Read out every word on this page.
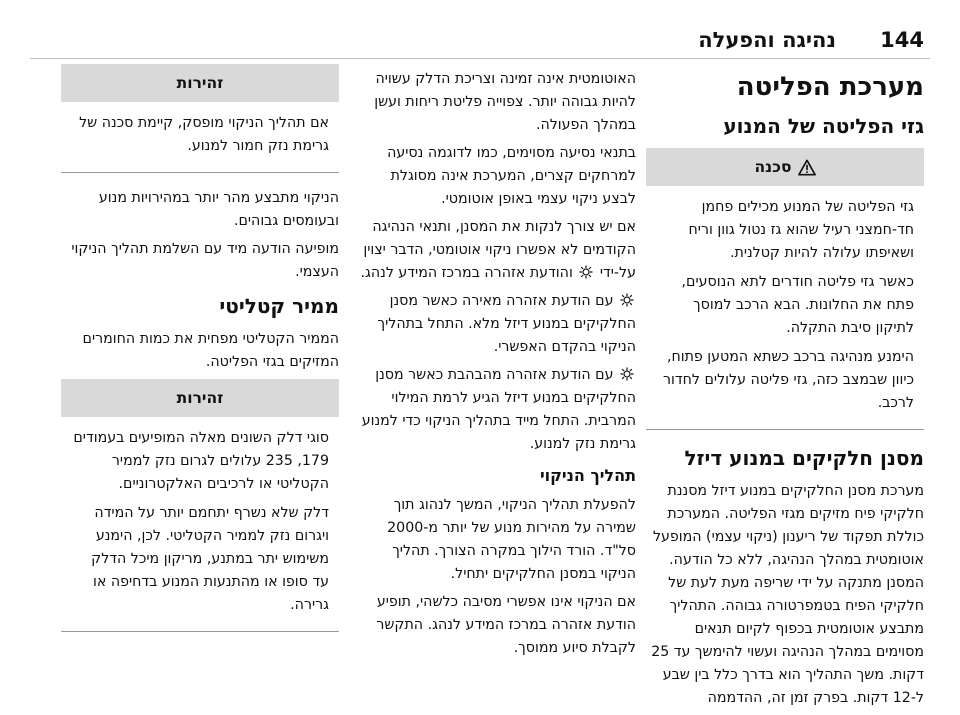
144
נהיגה והפעלה
מערכת הפליטה
גזי הפליטה של המנוע
סכנה

גזי הפליטה של המנוע מכילים פחמן חד-חמצני רעיל שהוא גז נטול גוון וריח ושאיפתו עלולה להיות קטלנית.

כאשר גזי פליטה חודרים לתא הנוסעים, פתח את החלונות. הבא הרכב למוסך לתיקון סיבת התקלה.

הימנע מנהיגה ברכב כשתא המטען פתוח, כיוון שבמצב כזה, גזי פליטה עלולים לחדור לרכב.

מסנן חלקיקים במנוע דיזל

מערכת מסנן החלקיקים במנוע דיזל מסננת חלקיקי פיח מזיקים מגזי הפליטה. המערכת כוללת תפקוד של ריענון (ניקוי עצמי) המופעל אוטומטית במהלך הנהיגה, ללא כל הודעה. המסנן מתנקה על ידי שריפה מעת לעת של חלקיקי הפיח בטמפרטורה גבוהה. התהליך מתבצע אוטומטית בכפוף לקיום תנאים מסוימים במהלך הנהיגה ועשוי להימשך עד 25 דקות. משך התהליך הוא בדרך כלל בין שבע ל-12 דקות. בפרק זמן זה, ההדממה

האוטומטית אינה זמינה וצריכת הדלק עשויה להיות גבוהה יותר. צפוייה פליטת ריחות ועשן במהלך הפעולה.

בתנאי נסיעה מסוימים, כמו לדוגמה נסיעה למרחקים קצרים, המערכת אינה מסוגלת לבצע ניקוי עצמי באופן אוטומטי.

אם יש צורך לנקות את המסנן, ותנאי הנהיגה הקודמים לא אפשרו ניקוי אוטומטי, הדבר יצוין על-ידי  והודעת אזהרה במרכז המידע לנהג.

עם הודעת אזהרה מאירה כאשר מסנן החלקיקים במנוע דיזל מלא. התחל בתהליך הניקוי בהקדם האפשרי.

עם הודעת אזהרה מהבהבת כאשר מסנן החלקיקים במנוע דיזל הגיע לרמת המילוי המרבית. התחל מייד בתהליך הניקוי כדי למנוע גרימת נזק למנוע.

תהליך הניקוי

להפעלת תהליך הניקוי, המשך לנהוג תוך שמירה על מהירות מנוע של יותר מ-2000 סל"ד. הורד הילוך במקרה הצורך. תהליך הניקוי במסנן החלקיקים יתחיל.

אם הניקוי אינו אפשרי מסיבה כלשהי, תופיע הודעת אזהרה במרכז המידע לנהג. התקשר לקבלת סיוע ממוסך.

זהירות

אם תהליך הניקוי מופסק, קיימת סכנה של גרימת נזק חמור למנוע.

הניקוי מתבצע מהר יותר במהירויות מנוע ובעומסים גבוהים.

מופיעה הודעה מיד עם השלמת תהליך הניקוי העצמי.

ממיר קטליטי

הממיר הקטליטי מפחית את כמות החומרים המזיקים בגזי הפליטה.

זהירות

סוגי דלק השונים מאלה המופיעים בעמודים 179, 235 עלולים לגרום נזק לממיר הקטליטי או לרכיבים האלקטרוניים.

דלק שלא נשרף יתחמם יותר על המידה ויגרום נזק לממיר הקטליטי. לכן, הימנע משימוש יתר במתנע, מריקון מיכל הדלק עד סופו או מהתנעות המנוע בדחיפה או גרירה.
